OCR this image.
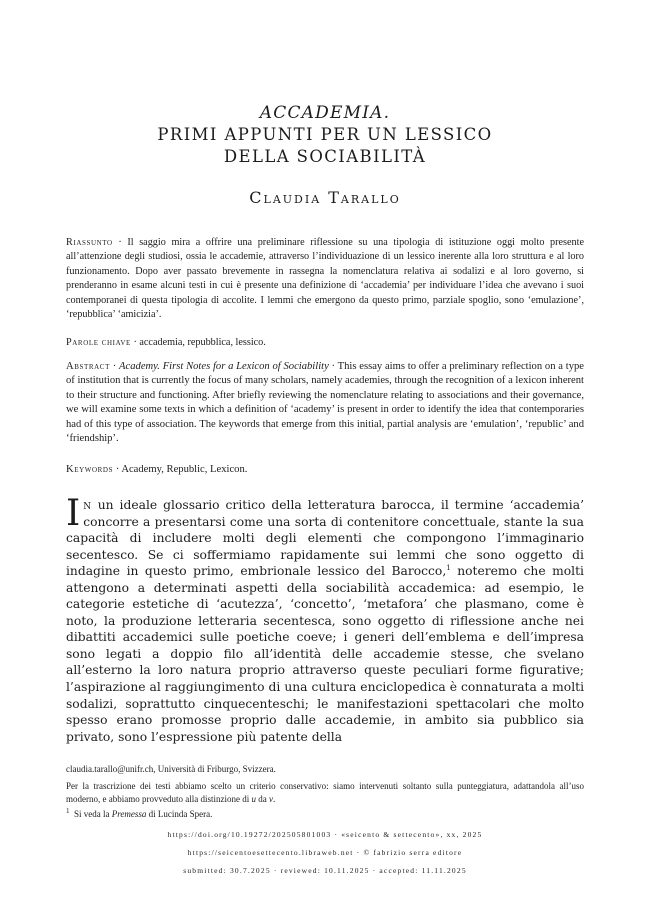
ACCADEMIA.
PRIMI APPUNTI PER UN LESSICO
DELLA SOCIABILITÀ
Claudia Tarallo
Riassunto · Il saggio mira a offrire una preliminare riflessione su una tipologia di istituzione oggi molto presente all’attenzione degli studiosi, ossia le accademie, attraverso l’individuazione di un lessico inerente alla loro struttura e al loro funzionamento. Dopo aver passato brevemente in rassegna la nomenclatura relativa ai sodalizi e al loro governo, si prenderanno in esame alcuni testi in cui è presente una definizione di ‘accademia’ per individuare l’idea che avevano i suoi contemporanei di questa tipologia di accolite. I lemmi che emergono da questo primo, parziale spoglio, sono ‘emulazione’, ‘repubblica’ ‘amicizia’.
Parole chiave · accademia, repubblica, lessico.
Abstract · Academy. First Notes for a Lexicon of Sociability · This essay aims to offer a preliminary reflection on a type of institution that is currently the focus of many scholars, namely academies, through the recognition of a lexicon inherent to their structure and functioning. After briefly reviewing the nomenclature relating to associations and their governance, we will examine some texts in which a definition of ‘academy’ is present in order to identify the idea that contemporaries had of this type of association. The keywords that emerge from this initial, partial analysis are ‘emulation’, ‘republic’ and ‘friendship’.
Keywords · Academy, Republic, Lexicon.

In un ideale glossario critico della letteratura barocca, il termine ‘accademia’ concorre a presentarsi come una sorta di contenitore concettuale, stante la sua capacità di includere molti degli elementi che compongono l’immaginario secentesco. Se ci soffermiamo rapidamente sui lemmi che sono oggetto di indagine in questo primo, embrionale lessico del Barocco,$^1$ noteremo che molti attengono a determinati aspetti della sociabilità accademica: ad esempio, le categorie estetiche di ‘acutezza’, ‘concetto’, ‘metafora’ che plasmano, come è noto, la produzione letteraria secentesca, sono oggetto di riflessione anche nei dibattiti accademici sulle poetiche coeve; i generi dell’emblema e dell’impresa sono legati a doppio filo all’identità delle accademie stesse, che svelano all’esterno la loro natura proprio attraverso queste peculiari forme figurative; l’aspirazione al raggiungimento di una cultura enciclopedica è connaturata a molti sodalizi, soprattutto cinquecenteschi; le manifestazioni spettacolari che molto spesso erano promosse proprio dalle accademie, in ambito sia pubblico sia privato, sono l’espressione più patente della

claudia.tarallo@unifr.ch, Università di Friburgo, Svizzera.
Per la trascrizione dei testi abbiamo scelto un criterio conservativo: siamo intervenuti soltanto sulla punteggiatura, adattandola all’uso moderno, e abbiamo provveduto alla distinzione di u da v.
$^1$ Si veda la Premessa di Lucinda Spera.
https://doi.org/10.19272/202505801003 · «seicento & settecento», xx, 2025
https://seicentoesettecento.libraweb.net · © fabrizio serra editore
submitted: 30.7.2025 · reviewed: 10.11.2025 · accepted: 11.11.2025
